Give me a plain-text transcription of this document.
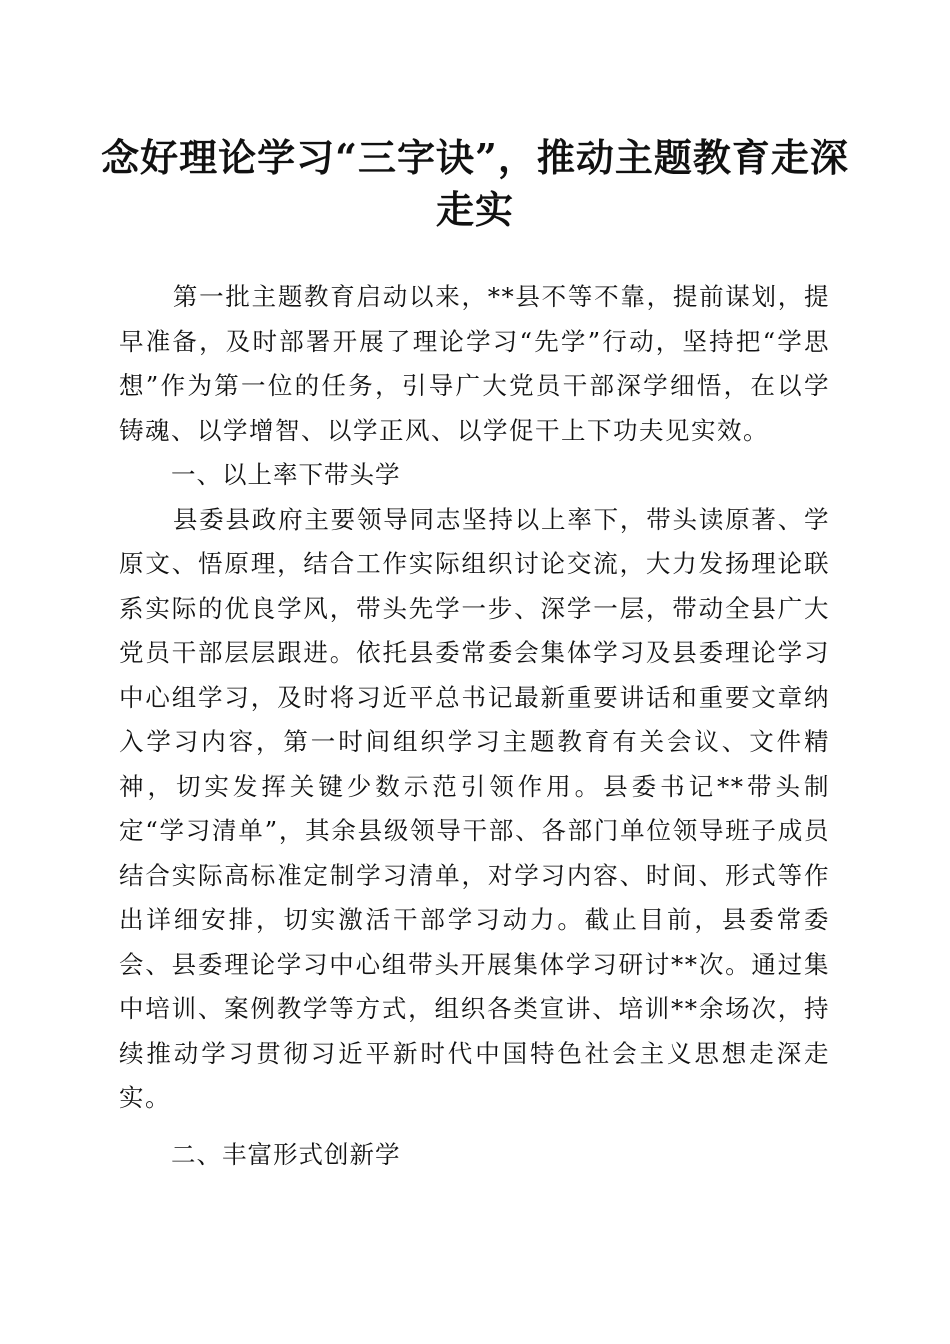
念好理论学习“三字诀”，推动主题教育走深走实

第一批主题教育启动以来，**县不等不靠，提前谋划，提早准备，及时部署开展了理论学习“先学”行动，坚持把“学思想”作为第一位的任务，引导广大党员干部深学细悟，在以学铸魂、以学增智、以学正风、以学促干上下功夫见实效。

一、以上率下带头学

县委县政府主要领导同志坚持以上率下，带头读原著、学原文、悟原理，结合工作实际组织讨论交流，大力发扬理论联系实际的优良学风，带头先学一步、深学一层，带动全县广大党员干部层层跟进。依托县委常委会集体学习及县委理论学习中心组学习，及时将习近平总书记最新重要讲话和重要文章纳入学习内容，第一时间组织学习主题教育有关会议、文件精神，切实发挥关键少数示范引领作用。县委书记**带头制定“学习清单”，其余县级领导干部、各部门单位领导班子成员结合实际高标准定制学习清单，对学习内容、时间、形式等作出详细安排，切实激活干部学习动力。截止目前，县委常委会、县委理论学习中心组带头开展集体学习研讨**次。通过集中培训、案例教学等方式，组织各类宣讲、培训**余场次，持续推动学习贯彻习近平新时代中国特色社会主义思想走深走实。

二、丰富形式创新学
